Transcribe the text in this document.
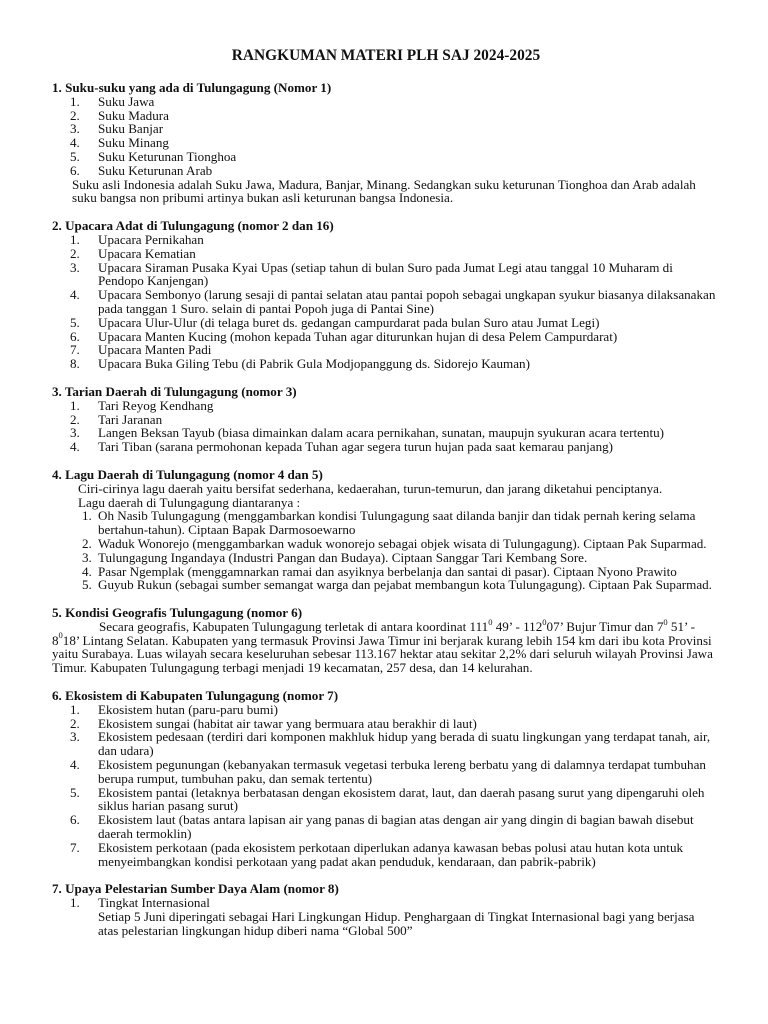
RANGKUMAN MATERI PLH SAJ 2024-2025
1. Suku-suku yang ada di Tulungagung (Nomor 1)
1. Suku Jawa
2. Suku Madura
3. Suku Banjar
4. Suku Minang
5. Suku Keturunan Tionghoa
6. Suku Keturunan Arab

Suku asli Indonesia adalah Suku Jawa, Madura, Banjar, Minang. Sedangkan suku keturunan Tionghoa dan Arab adalah suku bangsa non pribumi artinya bukan asli keturunan bangsa Indonesia.

2. Upacara Adat di Tulungagung (nomor 2 dan 16)
1. Upacara Pernikahan
2. Upacara Kematian
3. Upacara Siraman Pusaka Kyai Upas (setiap tahun di bulan Suro pada Jumat Legi atau tanggal 10 Muharam di Pendopo Kanjengan)
4. Upacara Sembonyo (larung sesaji di pantai selatan atau pantai popoh sebagai ungkapan syukur biasanya dilaksanakan pada tanggan 1 Suro. selain di pantai Popoh juga di Pantai Sine)
5. Upacara Ulur-Ulur (di telaga buret ds. gedangan campurdarat pada bulan Suro atau Jumat Legi)
6. Upacara Manten Kucing (mohon kepada Tuhan agar diturunkan hujan di desa Pelem Campurdarat)
7. Upacara Manten Padi
8. Upacara Buka Giling Tebu (di Pabrik Gula Modjopanggung ds. Sidorejo Kauman)
3. Tarian Daerah di Tulungagung (nomor 3)
1. Tari Reyog Kendhang
2. Tari Jaranan
3. Langen Beksan Tayub (biasa dimainkan dalam acara pernikahan, sunatan, maupujn syukuran acara tertentu)
4. Tari Tiban (sarana permohonan kepada Tuhan agar segera turun hujan pada saat kemarau panjang)
4. Lagu Daerah di Tulungagung (nomor 4 dan 5)

Ciri-cirinya lagu daerah yaitu bersifat sederhana, kedaerahan, turun-temurun, dan jarang diketahui penciptanya.

Lagu daerah di Tulungagung diantaranya :

1. Oh Nasib Tulungagung (menggambarkan kondisi Tulungagung saat dilanda banjir dan tidak pernah kering selama bertahun-tahun). Ciptaan Bapak Darmosoewarno
2. Waduk Wonorejo (menggambarkan waduk wonorejo sebagai objek wisata di Tulungagung). Ciptaan Pak Suparmad.
3. Tulungagung Ingandaya (Industri Pangan dan Budaya). Ciptaan Sanggar Tari Kembang Sore.
4. Pasar Ngemplak (menggamnarkan ramai dan asyiknya berbelanja dan santai di pasar). Ciptaan Nyono Prawito
5. Guyub Rukun (sebagai sumber semangat warga dan pejabat membangun kota Tulungagung). Ciptaan Pak Suparmad.
5. Kondisi Geografis Tulungagung (nomor 6)

Secara geografis, Kabupaten Tulungagung terletak di antara koordinat $111^0$ 49’ - $112^007$’ Bujur Timur dan $7^0$ 51’ - $8^018$’ Lintang Selatan. Kabupaten yang termasuk Provinsi Jawa Timur ini berjarak kurang lebih 154 km dari ibu kota Provinsi yaitu Surabaya. Luas wilayah secara keseluruhan sebesar 113.167 hektar atau sekitar 2,2% dari seluruh wilayah Provinsi Jawa Timur. Kabupaten Tulungagung terbagi menjadi 19 kecamatan, 257 desa, dan 14 kelurahan.

6. Ekosistem di Kabupaten Tulungagung (nomor 7)
1. Ekosistem hutan (paru-paru bumi)
2. Ekosistem sungai (habitat air tawar yang bermuara atau berakhir di laut)
3. Ekosistem pedesaan (terdiri dari komponen makhluk hidup yang berada di suatu lingkungan yang terdapat tanah, air, dan udara)
4. Ekosistem pegunungan (kebanyakan termasuk vegetasi terbuka lereng berbatu yang di dalamnya terdapat tumbuhan berupa rumput, tumbuhan paku, dan semak tertentu)
5. Ekosistem pantai (letaknya berbatasan dengan ekosistem darat, laut, dan daerah pasang surut yang dipengaruhi oleh siklus harian pasang surut)
6. Ekosistem laut (batas antara lapisan air yang panas di bagian atas dengan air yang dingin di bagian bawah disebut daerah termoklin)
7. Ekosistem perkotaan (pada ekosistem perkotaan diperlukan adanya kawasan bebas polusi atau hutan kota untuk menyeimbangkan kondisi perkotaan yang padat akan penduduk, kendaraan, dan pabrik-pabrik)
7. Upaya Pelestarian Sumber Daya Alam (nomor 8)
1. Tingkat Internasional

Setiap 5 Juni diperingati sebagai Hari Lingkungan Hidup. Penghargaan di Tingkat Internasional bagi yang berjasa atas pelestarian lingkungan hidup diberi nama “Global 500”
